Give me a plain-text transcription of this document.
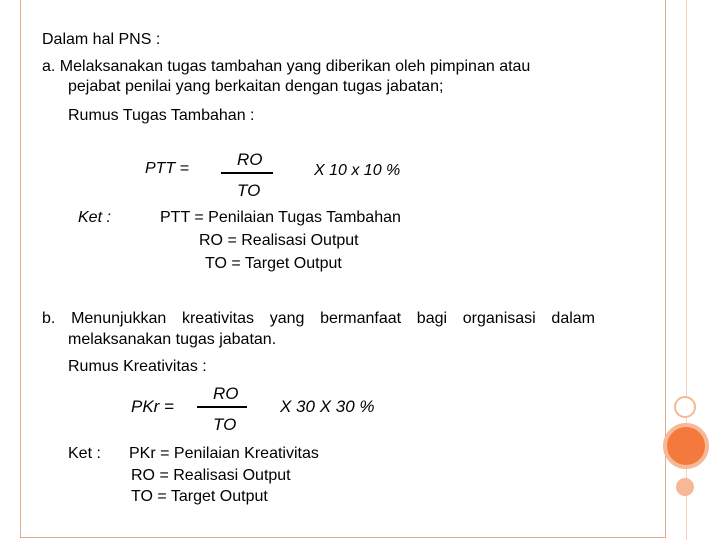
Dalam hal PNS :
a. Melaksanakan tugas tambahan yang diberikan oleh pimpinan atau
pejabat penilai yang berkaitan dengan tugas jabatan;
Rumus Tugas Tambahan :
PTT =	RO
TO
X 10 x 10 %
Ket :	PTT = Penilaian Tugas Tambahan
RO = Realisasi Output
TO = Target Output
b. Menunjukkan kreativitas yang bermanfaat bagi organisasi dalam
melaksanakan tugas jabatan.
Rumus Kreativitas :
PKr =
RO
TO
X 30 X 30 %
Ket : PKr = Penilaian Kreativitas
RO = Realisasi Output
TO = Target Output
